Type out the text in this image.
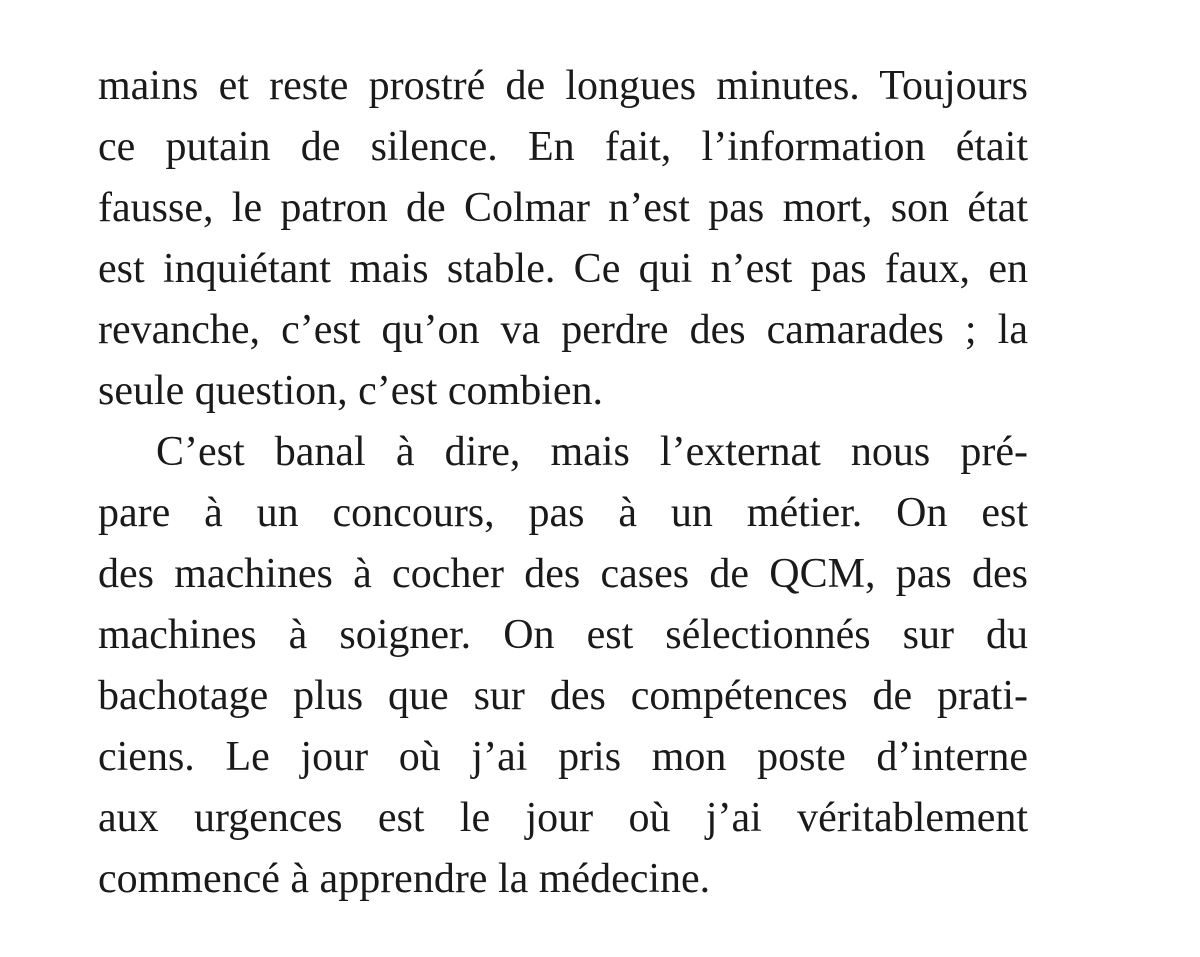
mains et reste prostré de longues minutes. Toujours
ce putain de silence. En fait, l’information était
fausse, le patron de Colmar n’est pas mort, son état
est inquiétant mais stable. Ce qui n’est pas faux, en
revanche, c’est qu’on va perdre des camarades ; la
seule question, c’est combien.
C’est banal à dire, mais l’externat nous pré-
pare à un concours, pas à un métier. On est
des machines à cocher des cases de QCM, pas des
machines à soigner. On est sélectionnés sur du
bachotage plus que sur des compétences de prati-
ciens. Le jour où j’ai pris mon poste d’interne
aux urgences est le jour où j’ai véritablement
commencé à apprendre la médecine.
